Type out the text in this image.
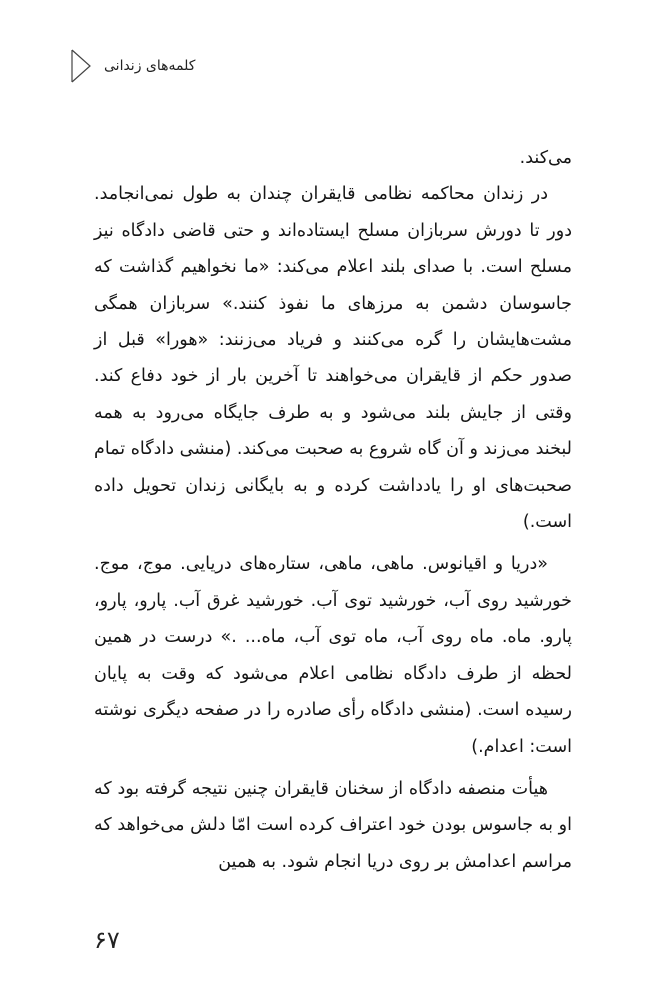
کلمه‌های زندانی

می‌کند.

در زندان محاکمه نظامی قایقران چندان به طول نمی‌انجامد. دور تا دورش سربازان مسلح ایستاده‌اند و حتی قاضی دادگاه نیز مسلح است. با صدای بلند اعلام می‌کند: «ما نخواهیم گذاشت که جاسوسان دشمن به مرزهای ما نفوذ کنند.» سربازان همگی مشت‌هایشان را گره می‌کنند و فریاد می‌زنند: «هورا» قبل از صدور حکم از قایقران می‌خواهند تا آخرین بار از خود دفاع کند. وقتی از جایش بلند می‌شود و به طرف جایگاه می‌رود به همه لبخند می‌زند و آن گاه شروع به صحبت می‌کند. (منشی دادگاه تمام صحبت‌های او را یادداشت کرده و به بایگانی زندان تحویل داده است.)

«دریا و اقیانوس. ماهی، ماهی، ستاره‌های دریایی. موج، موج. خورشید روی آب، خورشید توی آب. خورشید غرق آب. پارو، پارو، پارو. ماه. ماه روی آب، ماه توی آب، ماه... .» درست در همین لحظه از طرف دادگاه نظامی اعلام می‌شود که وقت به پایان رسیده است. (منشی دادگاه رأی صادره را در صفحه دیگری نوشته است: اعدام.)

هیأت منصفه دادگاه از سخنان قایقران چنین نتیجه گرفته بود که او به جاسوس بودن خود اعتراف کرده است امّا دلش می‌خواهد که مراسم اعدامش بر روی دریا انجام شود. به همین

۶۷
